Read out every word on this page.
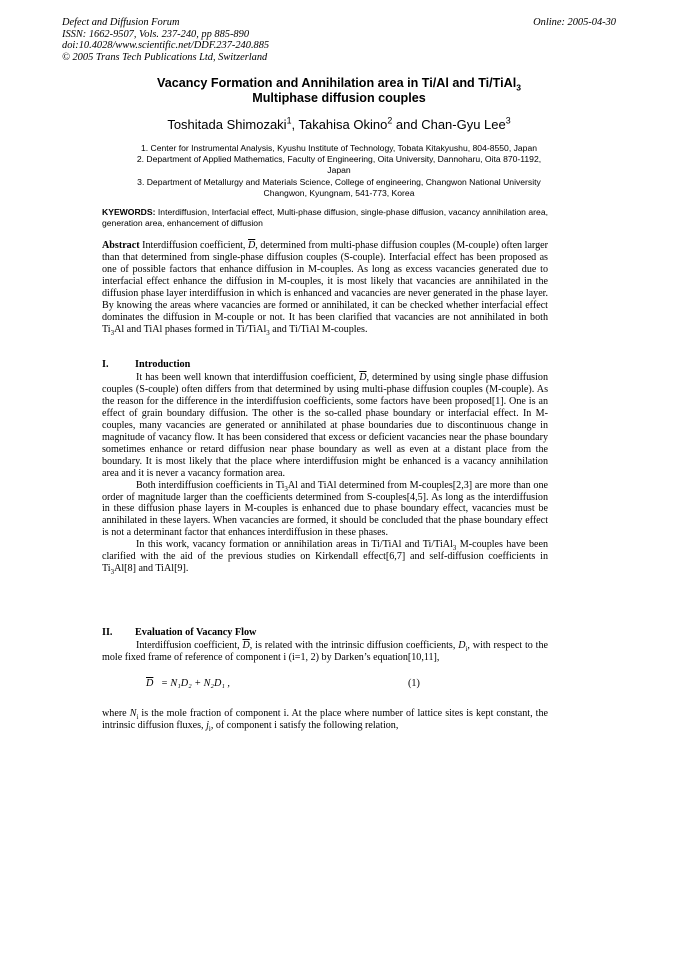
Defect and Diffusion Forum
ISSN: 1662-9507, Vols. 237-240, pp 885-890
doi:10.4028/www.scientific.net/DDF.237-240.885
© 2005 Trans Tech Publications Ltd, Switzerland
Online: 2005-04-30
Vacancy Formation and Annihilation area in Ti/Al and Ti/TiAl$_3$
Multiphase diffusion couples
Toshitada Shimozaki$^1$, Takahisa Okino$^2$ and Chan-Gyu Lee$^3$
1. Center for Instrumental Analysis, Kyushu Institute of Technology, Tobata Kitakyushu, 804-8550, Japan
2. Department of Applied Mathematics, Faculty of Engineering, Oita University, Dannoharu, Oita 870-1192,
Japan
3. Department of Metallurgy and Materials Science, College of engineering, Changwon National University
Changwon, Kyungnam, 541-773, Korea
KYEWORDS: Interdiffusion, Interfacial effect, Multi-phase diffusion, single-phase diffusion, vacancy annihilation area, generation area, enhancement of diffusion

Abstract Interdiffusion coefficient, $\overline{D}$, determined from multi-phase diffusion couples (M-couple) often larger than that determined from single-phase diffusion couples (S-couple). Interfacial effect has been proposed as one of possible factors that enhance diffusion in M-couples. As long as excess vacancies generated due to interfacial effect enhance the diffusion in M-couples, it is most likely that vacancies are annihilated in the diffusion phase layer interdiffusion in which is enhanced and vacancies are never generated in the phase layer. By knowing the areas where vacancies are formed or annihilated, it can be checked whether interfacial effect dominates the diffusion in M-couple or not. It has been clarified that vacancies are not annihilated in both $Ti_3Al$ and TiAl phases formed in Ti/TiAl$_3$ and Ti/TiAl M-couples.

I.	Introduction

It has been well known that interdiffusion coefficient, $\overline{D}$, determined by using single phase diffusion couples (S-couple) often differs from that determined by using multi-phase diffusion couples (M-couple). As the reason for the difference in the interdiffusion coefficients, some factors have been proposed[1]. One is an effect of grain boundary diffusion. The other is the so-called phase boundary or interfacial effect. In M-couples, many vacancies are generated or annihilated at phase boundaries due to discontinuous change in magnitude of vacancy flow. It has been considered that excess or deficient vacancies near the phase boundary sometimes enhance or retard diffusion near phase boundary as well as even at a distant place from the boundary. It is most likely that the place where interdiffusion might be enhanced is a vacancy annihilation area and it is never a vacancy formation area.

Both interdiffusion coefficients in $Ti_3Al$ and TiAl determined from M-couples[2,3] are more than one order of magnitude larger than the coefficients determined from S-couples[4,5]. As long as the interdiffusion in these diffusion phase layers in M-couples is enhanced due to phase boundary effect, vacancies must be annihilated in these layers. When vacancies are formed, it should be concluded that the phase boundary effect is not a determinant factor that enhances interdiffusion in these phases.

In this work, vacancy formation or annihilation areas in Ti/TiAl and Ti/TiAl$_3$ M-couples have been clarified with the aid of the previous studies on Kirkendall effect[6,7] and self-diffusion coefficients in $Ti_3Al[8]$ and TiAl[9].

II. Evaluation of Vacancy Flow

Interdiffusion coefficient, $\overline{D}$, is related with the intrinsic diffusion coefficients, $D_i$, with respect to the mole fixed frame of reference of component i (i=1, 2) by Darken’s equation[10,11],

$\overline{D} = N_1D_2 + N_2D_1$ ,	(1)

where $N_i$ is the mole fraction of component i. At the place where number of lattice sites is kept constant, the intrinsic diffusion fluxes, $j_i$, of component i satisfy the following relation,
